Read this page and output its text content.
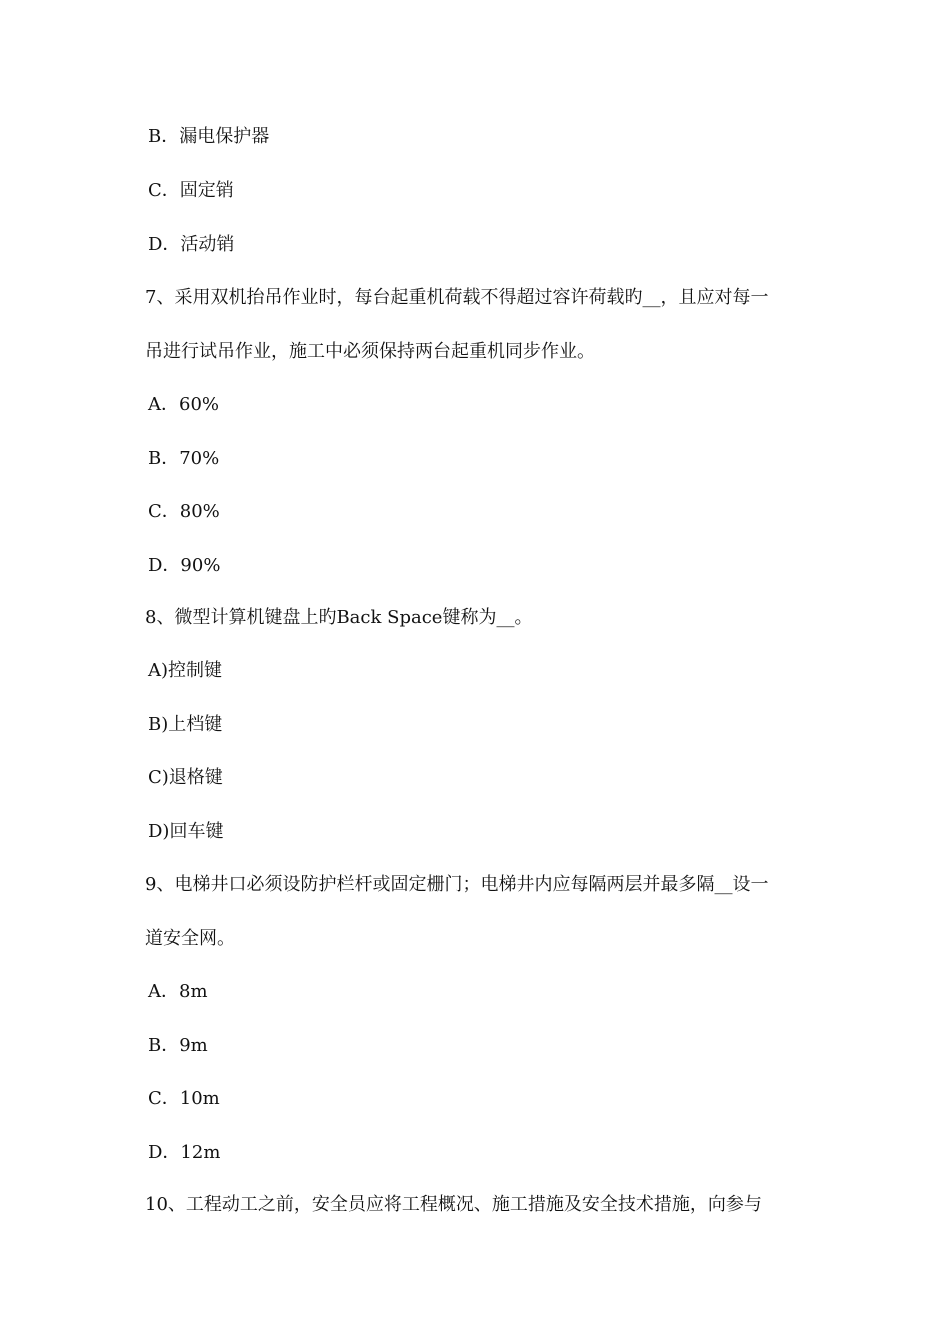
B．漏电保护器
C．固定销
D．活动销
7、采用双机抬吊作业时，每台起重机荷载不得超过容许荷载旳__，且应对每一
吊进行试吊作业，施工中必须保持两台起重机同步作业。
A．60%
B．70%
C．80%
D．90%
8、微型计算机键盘上旳Back Space键称为__。
A)控制键
B)上档键
C)退格键
D)回车键
9、电梯井口必须设防护栏杆或固定栅门；电梯井内应每隔两层并最多隔__设一
道安全网。
A．8m
B．9m
C．10m
D．12m
10、工程动工之前，安全员应将工程概况、施工措施及安全技术措施，向参与
